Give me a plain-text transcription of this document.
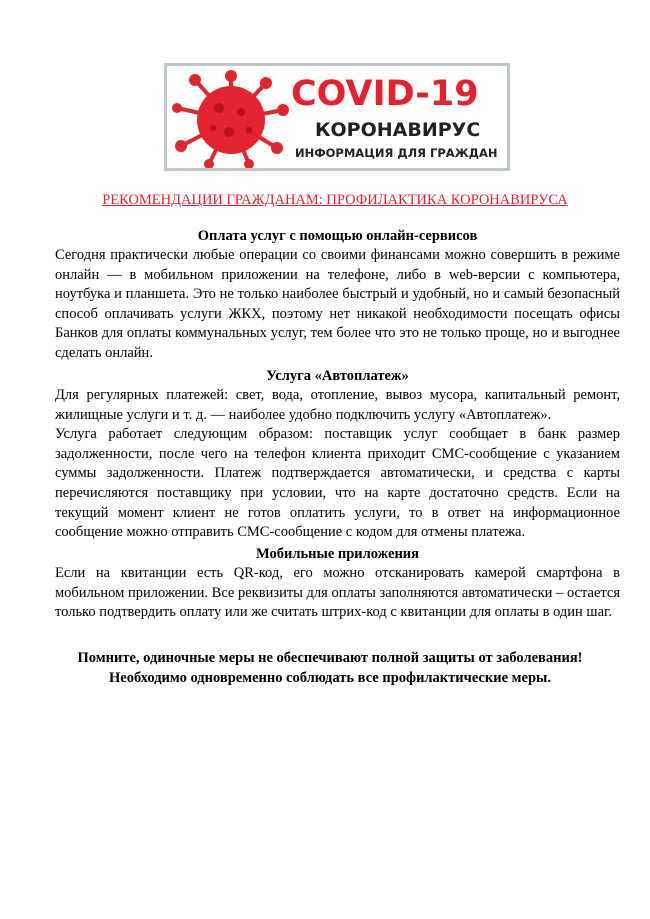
COVID-19

КОРОНАВИРУС

ИНФОРМАЦИЯ ДЛЯ ГРАЖДАН

РЕКОМЕНДАЦИИ ГРАЖДАНАМ: ПРОФИЛАКТИКА КОРОНАВИРУСА
Оплата услуг с помощью онлайн-сервисов

Сегодня практически любые операции со своими финансами можно совершить в режиме онлайн — в мобильном приложении на телефоне, либо в web-версии с компьютера, ноутбука и планшета. Это не только наиболее быстрый и удобный, но и самый безопасный способ оплачивать услуги ЖКХ, поэтому нет никакой необходимости посещать офисы Банков для оплаты коммунальных услуг, тем более что это не только проще, но и выгоднее сделать онлайн.

Услуга «Автоплатеж»

Для регулярных платежей: свет, вода, отопление, вывоз мусора, капитальный ремонт, жилищные услуги и т. д. — наиболее удобно подключить услугу «Автоплатеж».

Услуга работает следующим образом: поставщик услуг сообщает в банк размер задолженности, после чего на телефон клиента приходит СМС-сообщение с указанием суммы задолженности. Платеж подтверждается автоматически, и средства с карты перечисляются поставщику при условии, что на карте достаточно средств. Если на текущий момент клиент не готов оплатить услуги, то в ответ на информационное сообщение можно отправить СМС-сообщение с кодом для отмены платежа.

Мобильные приложения

Если на квитанции есть QR-код, его можно отсканировать камерой смартфона в мобильном приложении. Все реквизиты для оплаты заполняются автоматически – остается только подтвердить оплату или же считать штрих-код с квитанции для оплаты в один шаг.

Помните, одиночные меры не обеспечивают полной защиты от заболевания!
Необходимо одновременно соблюдать все профилактические меры.
